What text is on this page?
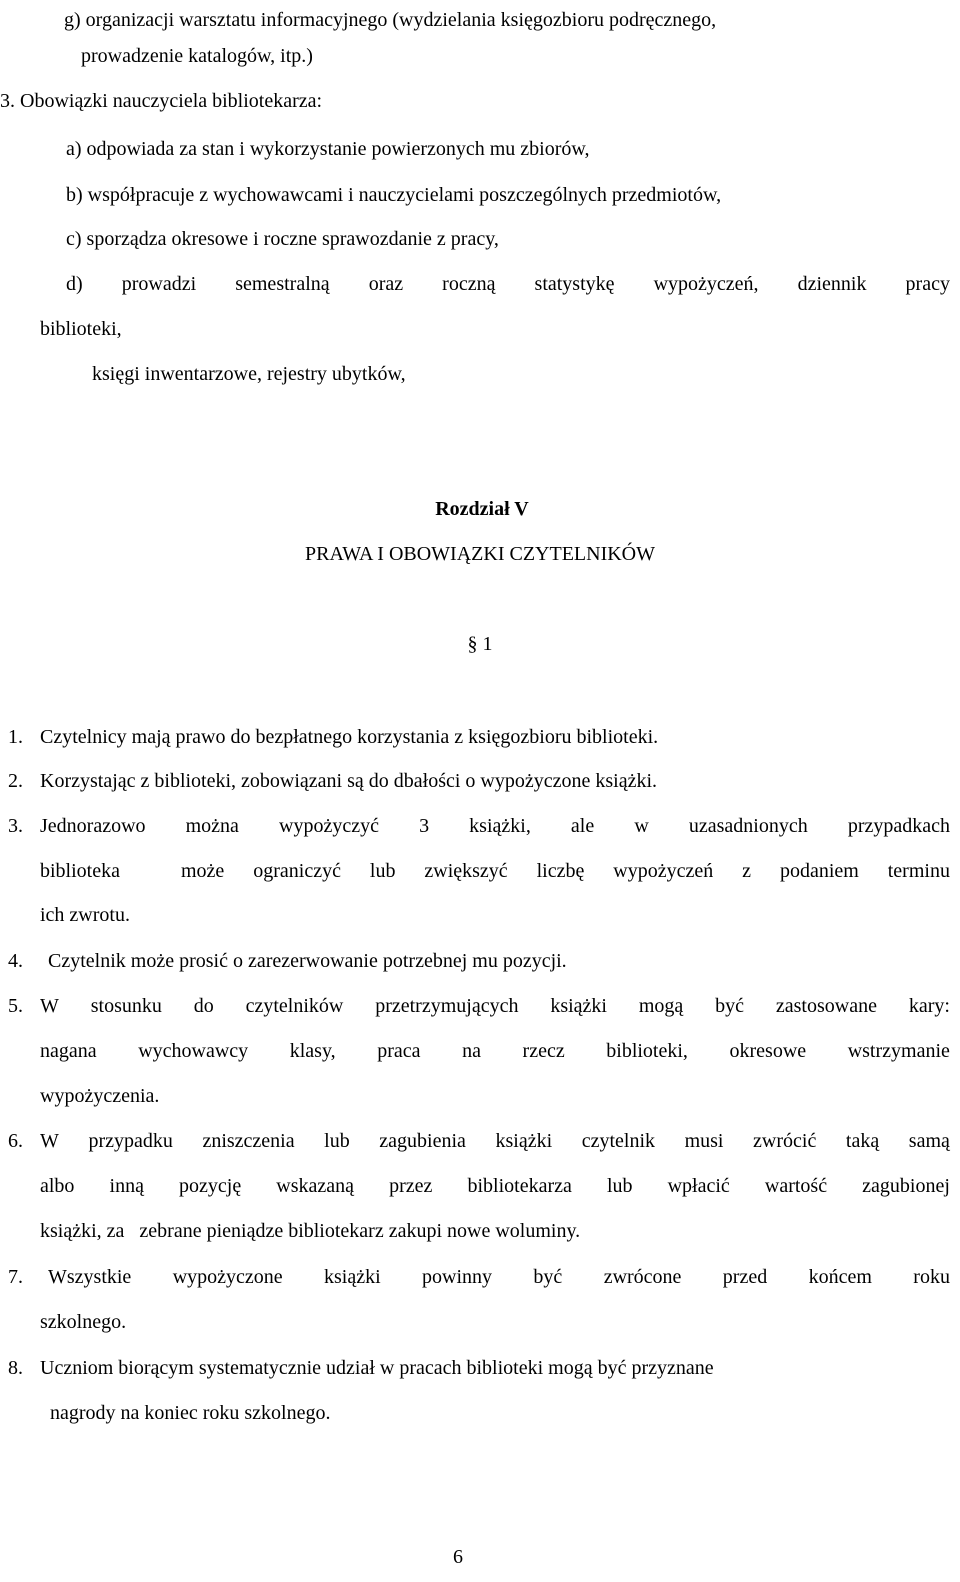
g) organizacji warsztatu informacyjnego (wydzielania księgozbioru podręcznego,
prowadzenie katalogów, itp.)
3. Obowiązki nauczyciela bibliotekarza:
a) odpowiada za stan i wykorzystanie powierzonych mu zbiorów,
b) współpracuje z wychowawcami i nauczycielami poszczególnych przedmiotów,
c) sporządza okresowe i roczne sprawozdanie z pracy,
d) prowadzi semestralną oraz roczną statystykę wypożyczeń, dziennik pracy
biblioteki,
księgi inwentarzowe, rejestry ubytków,
Rozdział V
PRAWA I OBOWIĄZKI CZYTELNIKÓW
§ 1
1. Czytelnicy mają prawo do bezpłatnego korzystania z księgozbioru biblioteki.
2. Korzystając z biblioteki, zobowiązani są do dbałości o wypożyczone książki.
3. Jednorazowo można wypożyczyć 3 książki, ale w uzasadnionych przypadkach
biblioteka	może ograniczyć lub zwiększyć liczbę wypożyczeń z podaniem terminu
ich zwrotu.
4. Czytelnik może prosić o zarezerwowanie potrzebnej mu pozycji.
5. W stosunku do czytelników przetrzymujących książki mogą być zastosowane kary:
nagana wychowawcy klasy, praca na rzecz biblioteki, okresowe wstrzymanie
wypożyczenia.
6. W przypadku zniszczenia lub zagubienia książki czytelnik musi zwrócić taką samą
albo inną pozycję wskazaną przez bibliotekarza lub wpłacić wartość zagubionej
książki, za   zebrane pieniądze bibliotekarz zakupi nowe woluminy.
7. Wszystkie wypożyczone książki powinny być zwrócone przed końcem roku
szkolnego.
8. Uczniom biorącym systematycznie udział w pracach biblioteki mogą być przyznane
nagrody na koniec roku szkolnego.
6
